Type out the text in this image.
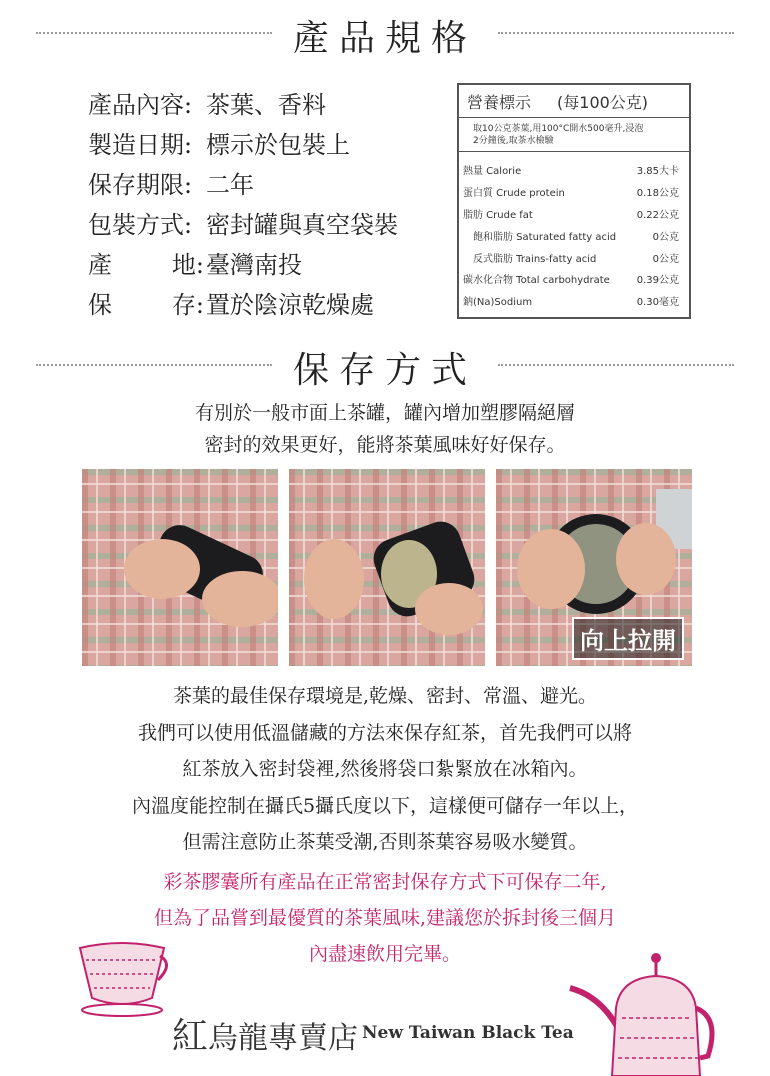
產品規格
產品內容: 茶葉、香料
製造日期: 標示於包裝上
保存期限: 二年
包裝方式: 密封罐與真空袋裝
產 地: 臺灣南投
保 存: 置於陰涼乾燥處
營養標示 (每100公克)
取10公克茶葉,用100°C開水500毫升,浸泡
2分鐘後,取茶水檢驗
熱量 Calorie	3.85大卡
蛋白質 Crude protein	0.18公克
脂肪 Crude fat	0.22公克
飽和脂肪 Saturated fatty acid	0公克
反式脂肪 Trains-fatty acid	0公克
碳水化合物 Total carbohydrate	0.39公克
鈉(Na)Sodium	0.30毫克
保存方式
有別於一般市面上茶罐，罐內增加塑膠隔絕層
密封的效果更好，能將茶葉風味好好保存。
向上拉開
茶葉的最佳保存環境是,乾燥、密封、常溫、避光。
我們可以使用低溫儲藏的方法來保存紅茶，首先我們可以將
紅茶放入密封袋裡,然後將袋口紮緊放在冰箱內。
內溫度能控制在攝氏5攝氏度以下，這樣便可儲存一年以上，
但需注意防止茶葉受潮,否則茶葉容易吸水變質。
彩茶膠囊所有產品在正常密封保存方式下可保存二年,
但為了品嘗到最優質的茶葉風味,建議您於拆封後三個月
內盡速飲用完畢。
紅烏龍專賣店 New Taiwan Black Tea
